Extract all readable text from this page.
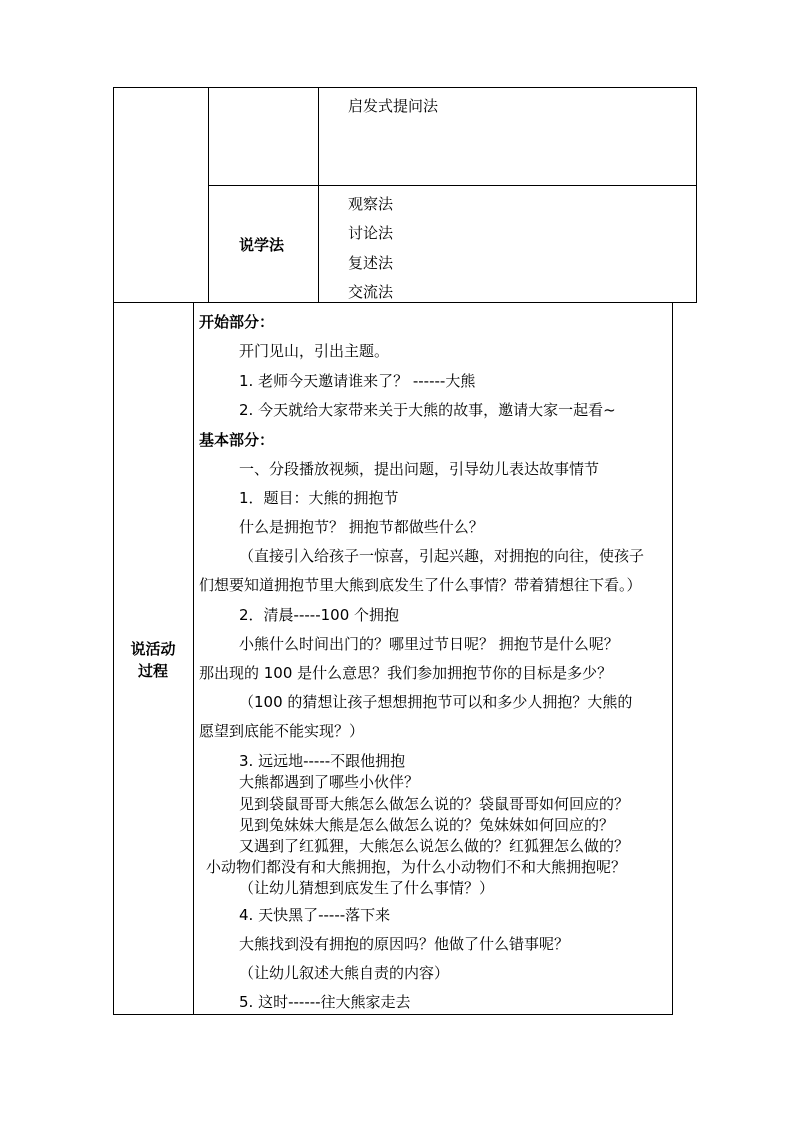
启发式提问法
说学法
观察法
讨论法
复述法
交流法
说活动
过程
开始部分：
开门见山，引出主题。
1. 老师今天邀请谁来了？ ------大熊
2. 今天就给大家带来关于大熊的故事，邀请大家一起看~
基本部分：
一、分段播放视频，提出问题，引导幼儿表达故事情节
1．题目：大熊的拥抱节
什么是拥抱节？ 拥抱节都做些什么？
（直接引入给孩子一惊喜，引起兴趣，对拥抱的向往，使孩子
们想要知道拥抱节里大熊到底发生了什么事情？带着猜想往下看。）
2．清晨-----100 个拥抱
小熊什么时间出门的？哪里过节日呢？ 拥抱节是什么呢？
那出现的 100 是什么意思？我们参加拥抱节你的目标是多少？
（100 的猜想让孩子想想拥抱节可以和多少人拥抱？大熊的
愿望到底能不能实现？）
3. 远远地-----不跟他拥抱
大熊都遇到了哪些小伙伴？
见到袋鼠哥哥大熊怎么做怎么说的？袋鼠哥哥如何回应的？
见到兔妹妹大熊是怎么做怎么说的？兔妹妹如何回应的？
又遇到了红狐狸，大熊怎么说怎么做的？红狐狸怎么做的？
小动物们都没有和大熊拥抱，为什么小动物们不和大熊拥抱呢？
（让幼儿猜想到底发生了什么事情？）
4. 天快黑了-----落下来
大熊找到没有拥抱的原因吗？他做了什么错事呢？
（让幼儿叙述大熊自责的内容）
5. 这时------往大熊家走去
